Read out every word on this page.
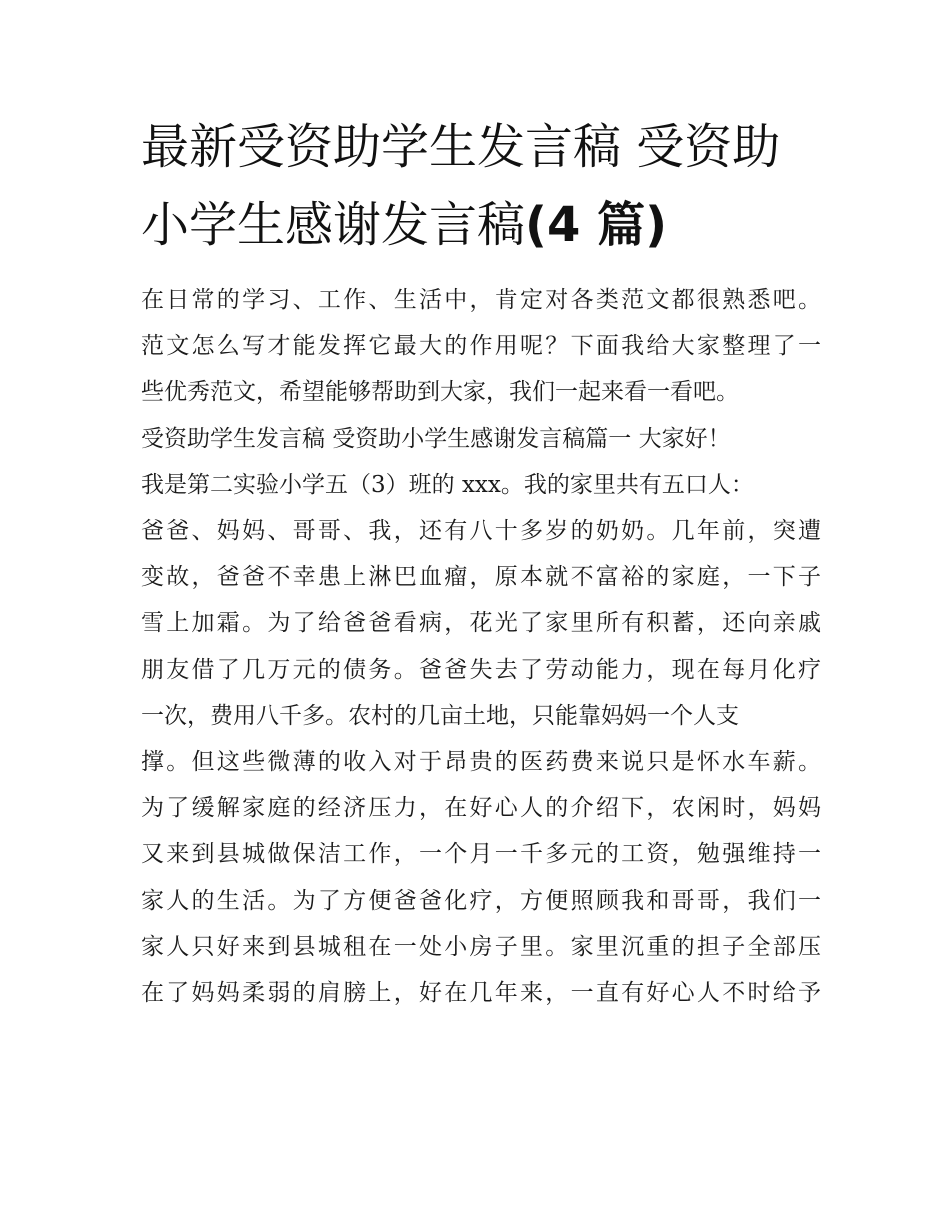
最新受资助学生发言稿 受资助
小学生感谢发言稿(4 篇)
在日常的学习、工作、生活中，肯定对各类范文都很熟悉吧。
范文怎么写才能发挥它最大的作用呢？下面我给大家整理了一
些优秀范文，希望能够帮助到大家，我们一起来看一看吧。
受资助学生发言稿 受资助小学生感谢发言稿篇一 大家好！
我是第二实验小学五（3）班的 xxx。我的家里共有五口人：
爸爸、妈妈、哥哥、我，还有八十多岁的奶奶。几年前，突遭
变故，爸爸不幸患上淋巴血瘤，原本就不富裕的家庭，一下子
雪上加霜。为了给爸爸看病，花光了家里所有积蓄，还向亲戚
朋友借了几万元的债务。爸爸失去了劳动能力，现在每月化疗
一次，费用八千多。农村的几亩土地，只能靠妈妈一个人支
撑。但这些微薄的收入对于昂贵的医药费来说只是怀水车薪。
为了缓解家庭的经济压力，在好心人的介绍下，农闲时，妈妈
又来到县城做保洁工作，一个月一千多元的工资，勉强维持一
家人的生活。为了方便爸爸化疗，方便照顾我和哥哥，我们一
家人只好来到县城租在一处小房子里。家里沉重的担子全部压
在了妈妈柔弱的肩膀上，好在几年来，一直有好心人不时给予
